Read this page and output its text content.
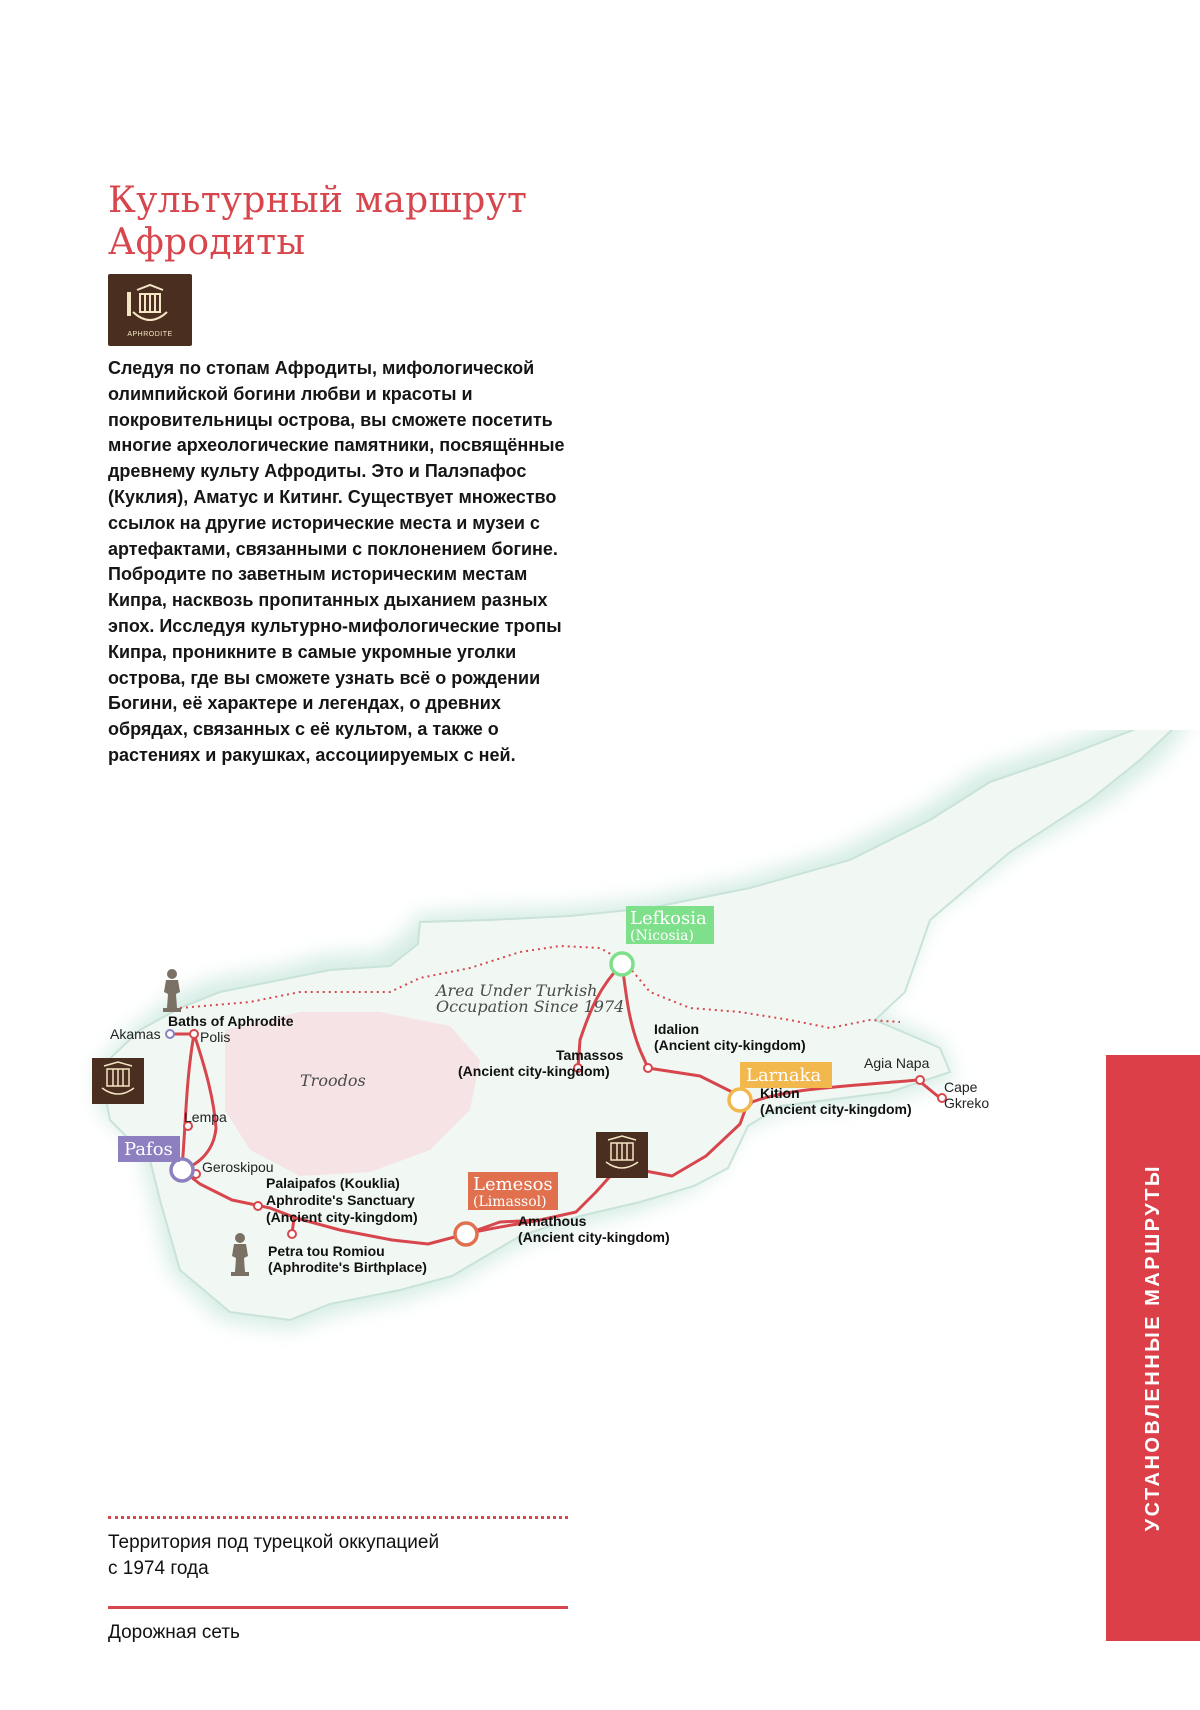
Культурный маршрут
Афродиты
APHRODITE

Следуя по стопам Афродиты, мифологической олимпийской богини любви и красоты и покровительницы острова, вы сможете посетить многие археологические памятники, посвящённые древнему культу Афродиты. Это и Палэпафос (Куклия), Аматус и Китинг. Существует множество ссылок на другие исторические места и музеи с артефактами, связанными с поклонением богине. Побродите по заветным историческим местам Кипра, насквозь пропитанных дыханием разных эпох. Исследуя культурно-мифологические тропы Кипра, проникните в самые укромные уголки острова, где вы сможете узнать всё о рождении Богини, её характере и легендах, о древних обрядах, связанных с её культом, а также о растениях и ракушках, ассоциируемых с ней.

Lefkosia
(Nicosia)
Larnaka
Lemesos
(Limassol)
Pafos
Area Under Turkish
Occupation Since 1974
Troodos
Akamas
Baths of Aphrodite
Polis
Lempa
Geroskipou
Palaipafos (Kouklia)
Aphrodite's Sanctuary
(Ancient city-kingdom)
Petra tou Romiou
(Aphrodite's Birthplace)
Amathous
(Ancient city-kingdom)
Tamassos
(Ancient city-kingdom)
Idalion
(Ancient city-kingdom)
Kition
(Ancient city-kingdom)
Agia Napa
Cape
Gkreko
Территория под турецкой оккупацией
с 1974 года
Дорожная сеть
УСТАНОВЛЕННЫЕ МАРШРУТЫ
